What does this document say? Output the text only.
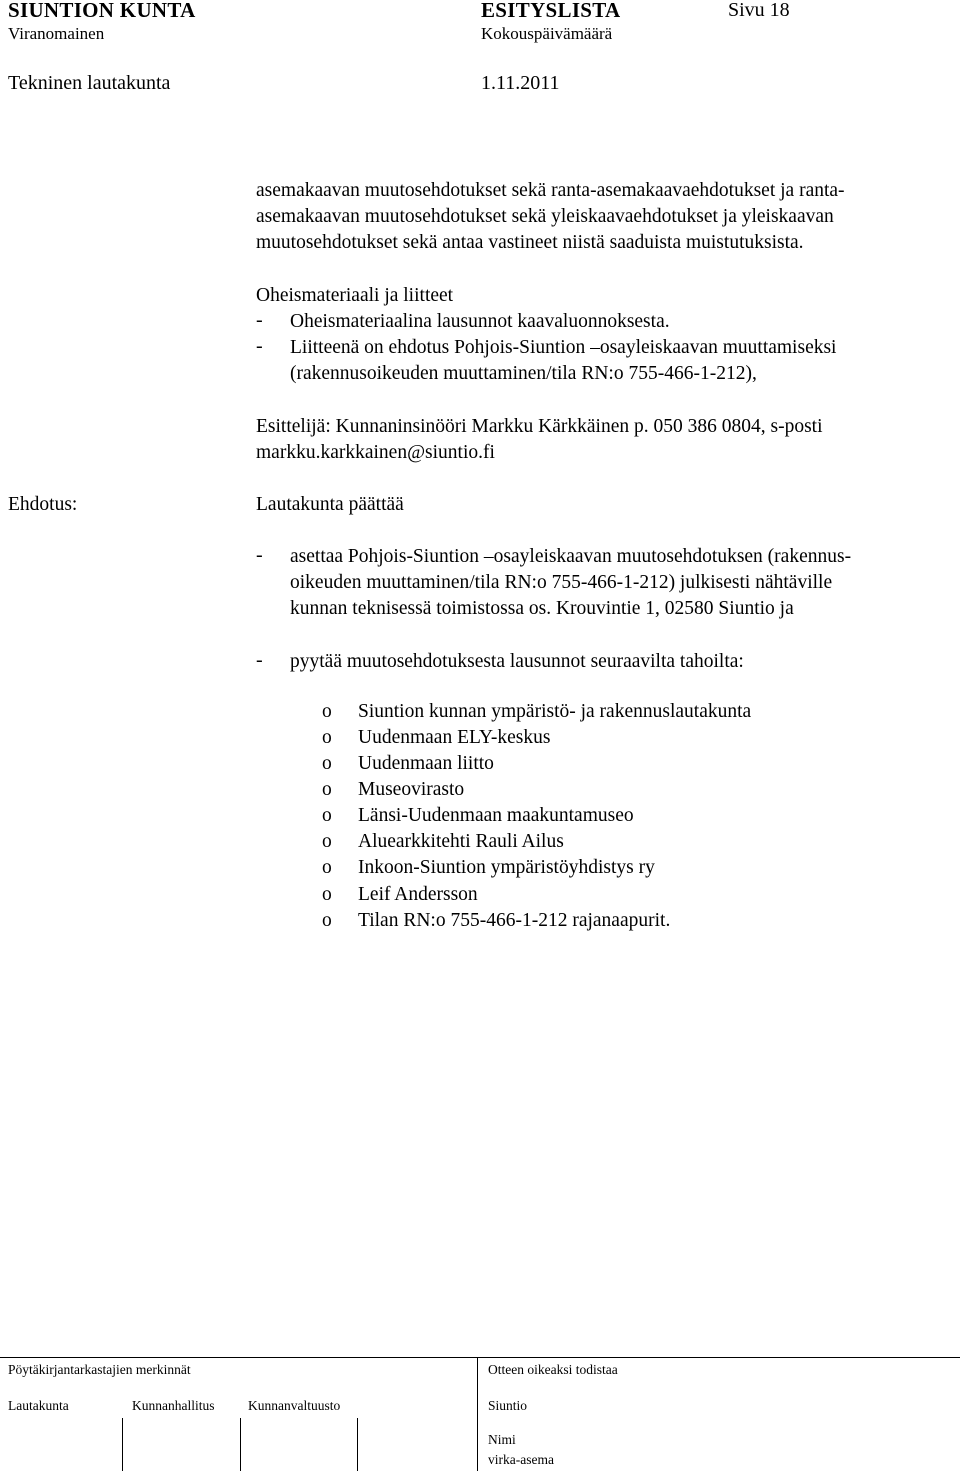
SIUNTION KUNTA	ESITYSLISTA	Sivu 18
Viranomainen	Kokouspäivämäärä
Tekninen lautakunta	1.11.2011
asemakaavan muutosehdotukset sekä ranta-asemakaavaehdotukset ja ranta-
asemakaavan muutosehdotukset sekä yleiskaavaehdotukset ja yleiskaavan
muutosehdotukset sekä antaa vastineet niistä saaduista muistutuksista.
Oheismateriaali ja liitteet
- Oheismateriaalina lausunnot kaavaluonnoksesta.
- Liitteenä on ehdotus Pohjois-Siuntion –osayleiskaavan muuttamiseksi
(rakennusoikeuden muuttaminen/tila RN:o 755-466-1-212),
Esittelijä: Kunnaninsinööri Markku Kärkkäinen p. 050 386 0804, s-posti
markku.karkkainen@siuntio.fi
Ehdotus:	Lautakunta päättää
- asettaa Pohjois-Siuntion –osayleiskaavan muutosehdotuksen (rakennus-
oikeuden muuttaminen/tila RN:o 755-466-1-212) julkisesti nähtäville
kunnan teknisessä toimistossa os. Krouvintie 1, 02580 Siuntio ja
- pyytää muutosehdotuksesta lausunnot seuraavilta tahoilta:
o Siuntion kunnan ympäristö- ja rakennuslautakunta
o Uudenmaan ELY-keskus
o Uudenmaan liitto
o Museovirasto
o Länsi-Uudenmaan maakuntamuseo
o Aluearkkitehti Rauli Ailus
o Inkoon-Siuntion ympäristöyhdistys ry
o Leif Andersson
o Tilan RN:o 755-466-1-212 rajanaapurit.
Pöytäkirjantarkastajien merkinnät	Otteen oikeaksi todistaa
Lautakunta	Kunnanhallitus Kunnanvaltuusto	Siuntio
Nimi
virka-asema
